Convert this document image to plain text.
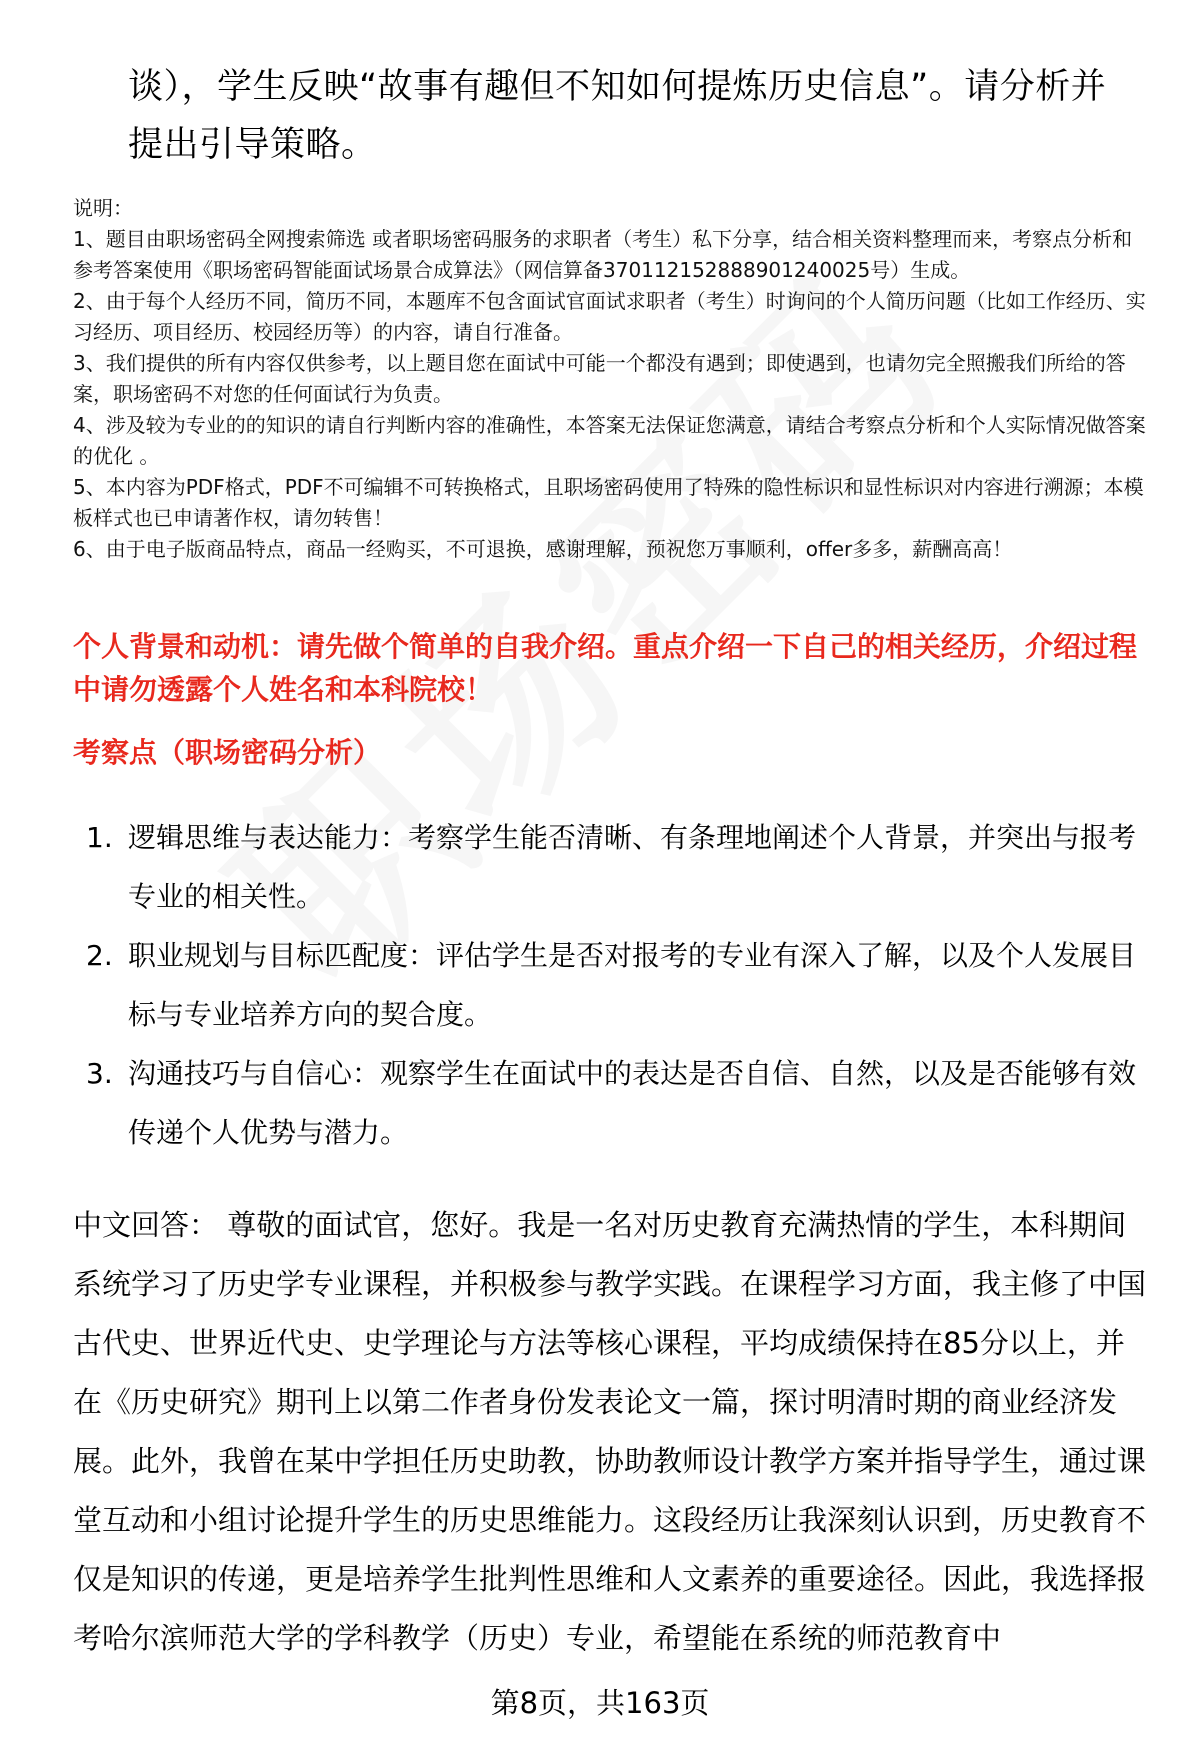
谈），学生反映“故事有趣但不知如何提炼历史信息”。请分析并提出引导策略。

说明：

1、题目由职场密码全网搜索筛选 或者职场密码服务的求职者（考生）私下分享，结合相关资料整理而来，考察点分析和参考答案使用《职场密码智能面试场景合成算法》（网信算备370112152888901240025号）生成。

2、由于每个人经历不同，简历不同，本题库不包含面试官面试求职者（考生）时询问的个人简历问题（比如工作经历、实习经历、项目经历、校园经历等）的内容，请自行准备。

3、我们提供的所有内容仅供参考，以上题目您在面试中可能一个都没有遇到；即使遇到，也请勿完全照搬我们所给的答案，职场密码不对您的任何面试行为负责。

4、涉及较为专业的的知识的请自行判断内容的准确性，本答案无法保证您满意，请结合考察点分析和个人实际情况做答案的优化 。

5、本内容为PDF格式，PDF不可编辑不可转换格式，且职场密码使用了特殊的隐性标识和显性标识对内容进行溯源；本模板样式也已申请著作权，请勿转售！

6、由于电子版商品特点，商品一经购买，不可退换，感谢理解，预祝您万事顺利，offer多多，薪酬高高！

个人背景和动机：请先做个简单的自我介绍。重点介绍一下自己的相关经历，介绍过程中请勿透露个人姓名和本科院校！
考察点（职场密码分析）
1. 逻辑思维与表达能力：考察学生能否清晰、有条理地阐述个人背景，并突出与报考专业的相关性。
2. 职业规划与目标匹配度：评估学生是否对报考的专业有深入了解，以及个人发展目标与专业培养方向的契合度。
3. 沟通技巧与自信心：观察学生在面试中的表达是否自信、自然，以及是否能够有效传递个人优势与潜力。
中文回答： 尊敬的面试官，您好。我是一名对历史教育充满热情的学生，本科期间系统学习了历史学专业课程，并积极参与教学实践。在课程学习方面，我主修了中国古代史、世界近代史、史学理论与方法等核心课程，平均成绩保持在85分以上，并在《历史研究》期刊上以第二作者身份发表论文一篇，探讨明清时期的商业经济发展。此外，我曾在某中学担任历史助教，协助教师设计教学方案并指导学生，通过课堂互动和小组讨论提升学生的历史思维能力。这段经历让我深刻认识到，历史教育不仅是知识的传递，更是培养学生批判性思维和人文素养的重要途径。因此，我选择报考哈尔滨师范大学的学科教学（历史）专业，希望能在系统的师范教育中
第8页，共163页
